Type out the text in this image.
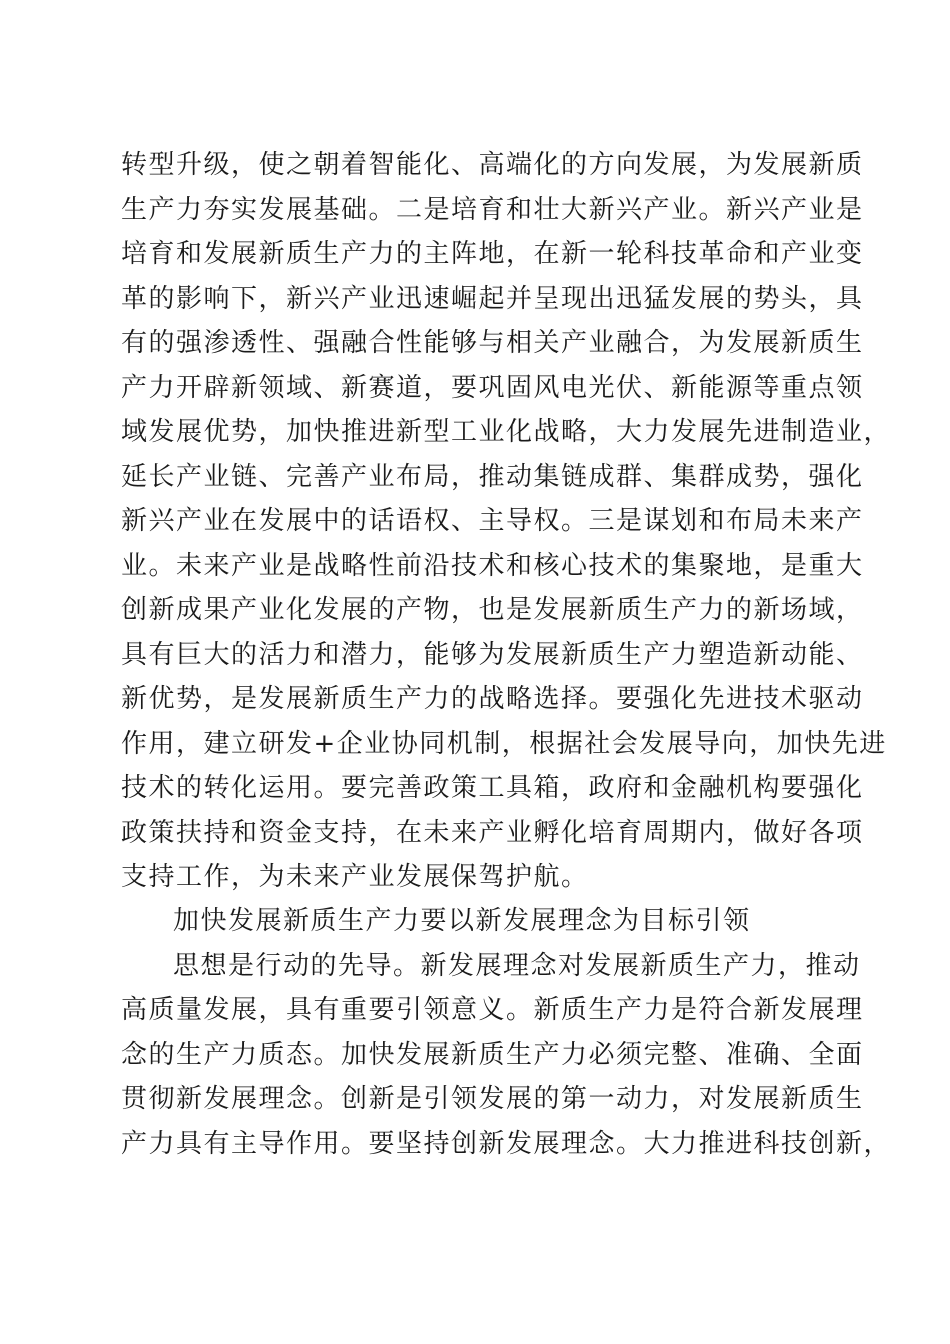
转型升级，使之朝着智能化、高端化的方向发展，为发展新质
生产力夯实发展基础。二是培育和壮大新兴产业。新兴产业是
培育和发展新质生产力的主阵地，在新一轮科技革命和产业变
革的影响下，新兴产业迅速崛起并呈现出迅猛发展的势头，具
有的强渗透性、强融合性能够与相关产业融合，为发展新质生
产力开辟新领域、新赛道，要巩固风电光伏、新能源等重点领
域发展优势，加快推进新型工业化战略，大力发展先进制造业，
延长产业链、完善产业布局，推动集链成群、集群成势，强化
新兴产业在发展中的话语权、主导权。三是谋划和布局未来产
业。未来产业是战略性前沿技术和核心技术的集聚地，是重大
创新成果产业化发展的产物，也是发展新质生产力的新场域，
具有巨大的活力和潜力，能够为发展新质生产力塑造新动能、
新优势，是发展新质生产力的战略选择。要强化先进技术驱动
作用，建立研发+企业协同机制，根据社会发展导向，加快先进
技术的转化运用。要完善政策工具箱，政府和金融机构要强化
政策扶持和资金支持，在未来产业孵化培育周期内，做好各项
支持工作，为未来产业发展保驾护航。
加快发展新质生产力要以新发展理念为目标引领
思想是行动的先导。新发展理念对发展新质生产力，推动
高质量发展，具有重要引领意义。新质生产力是符合新发展理
念的生产力质态。加快发展新质生产力必须完整、准确、全面
贯彻新发展理念。创新是引领发展的第一动力，对发展新质生
产力具有主导作用。要坚持创新发展理念。大力推进科技创新，
